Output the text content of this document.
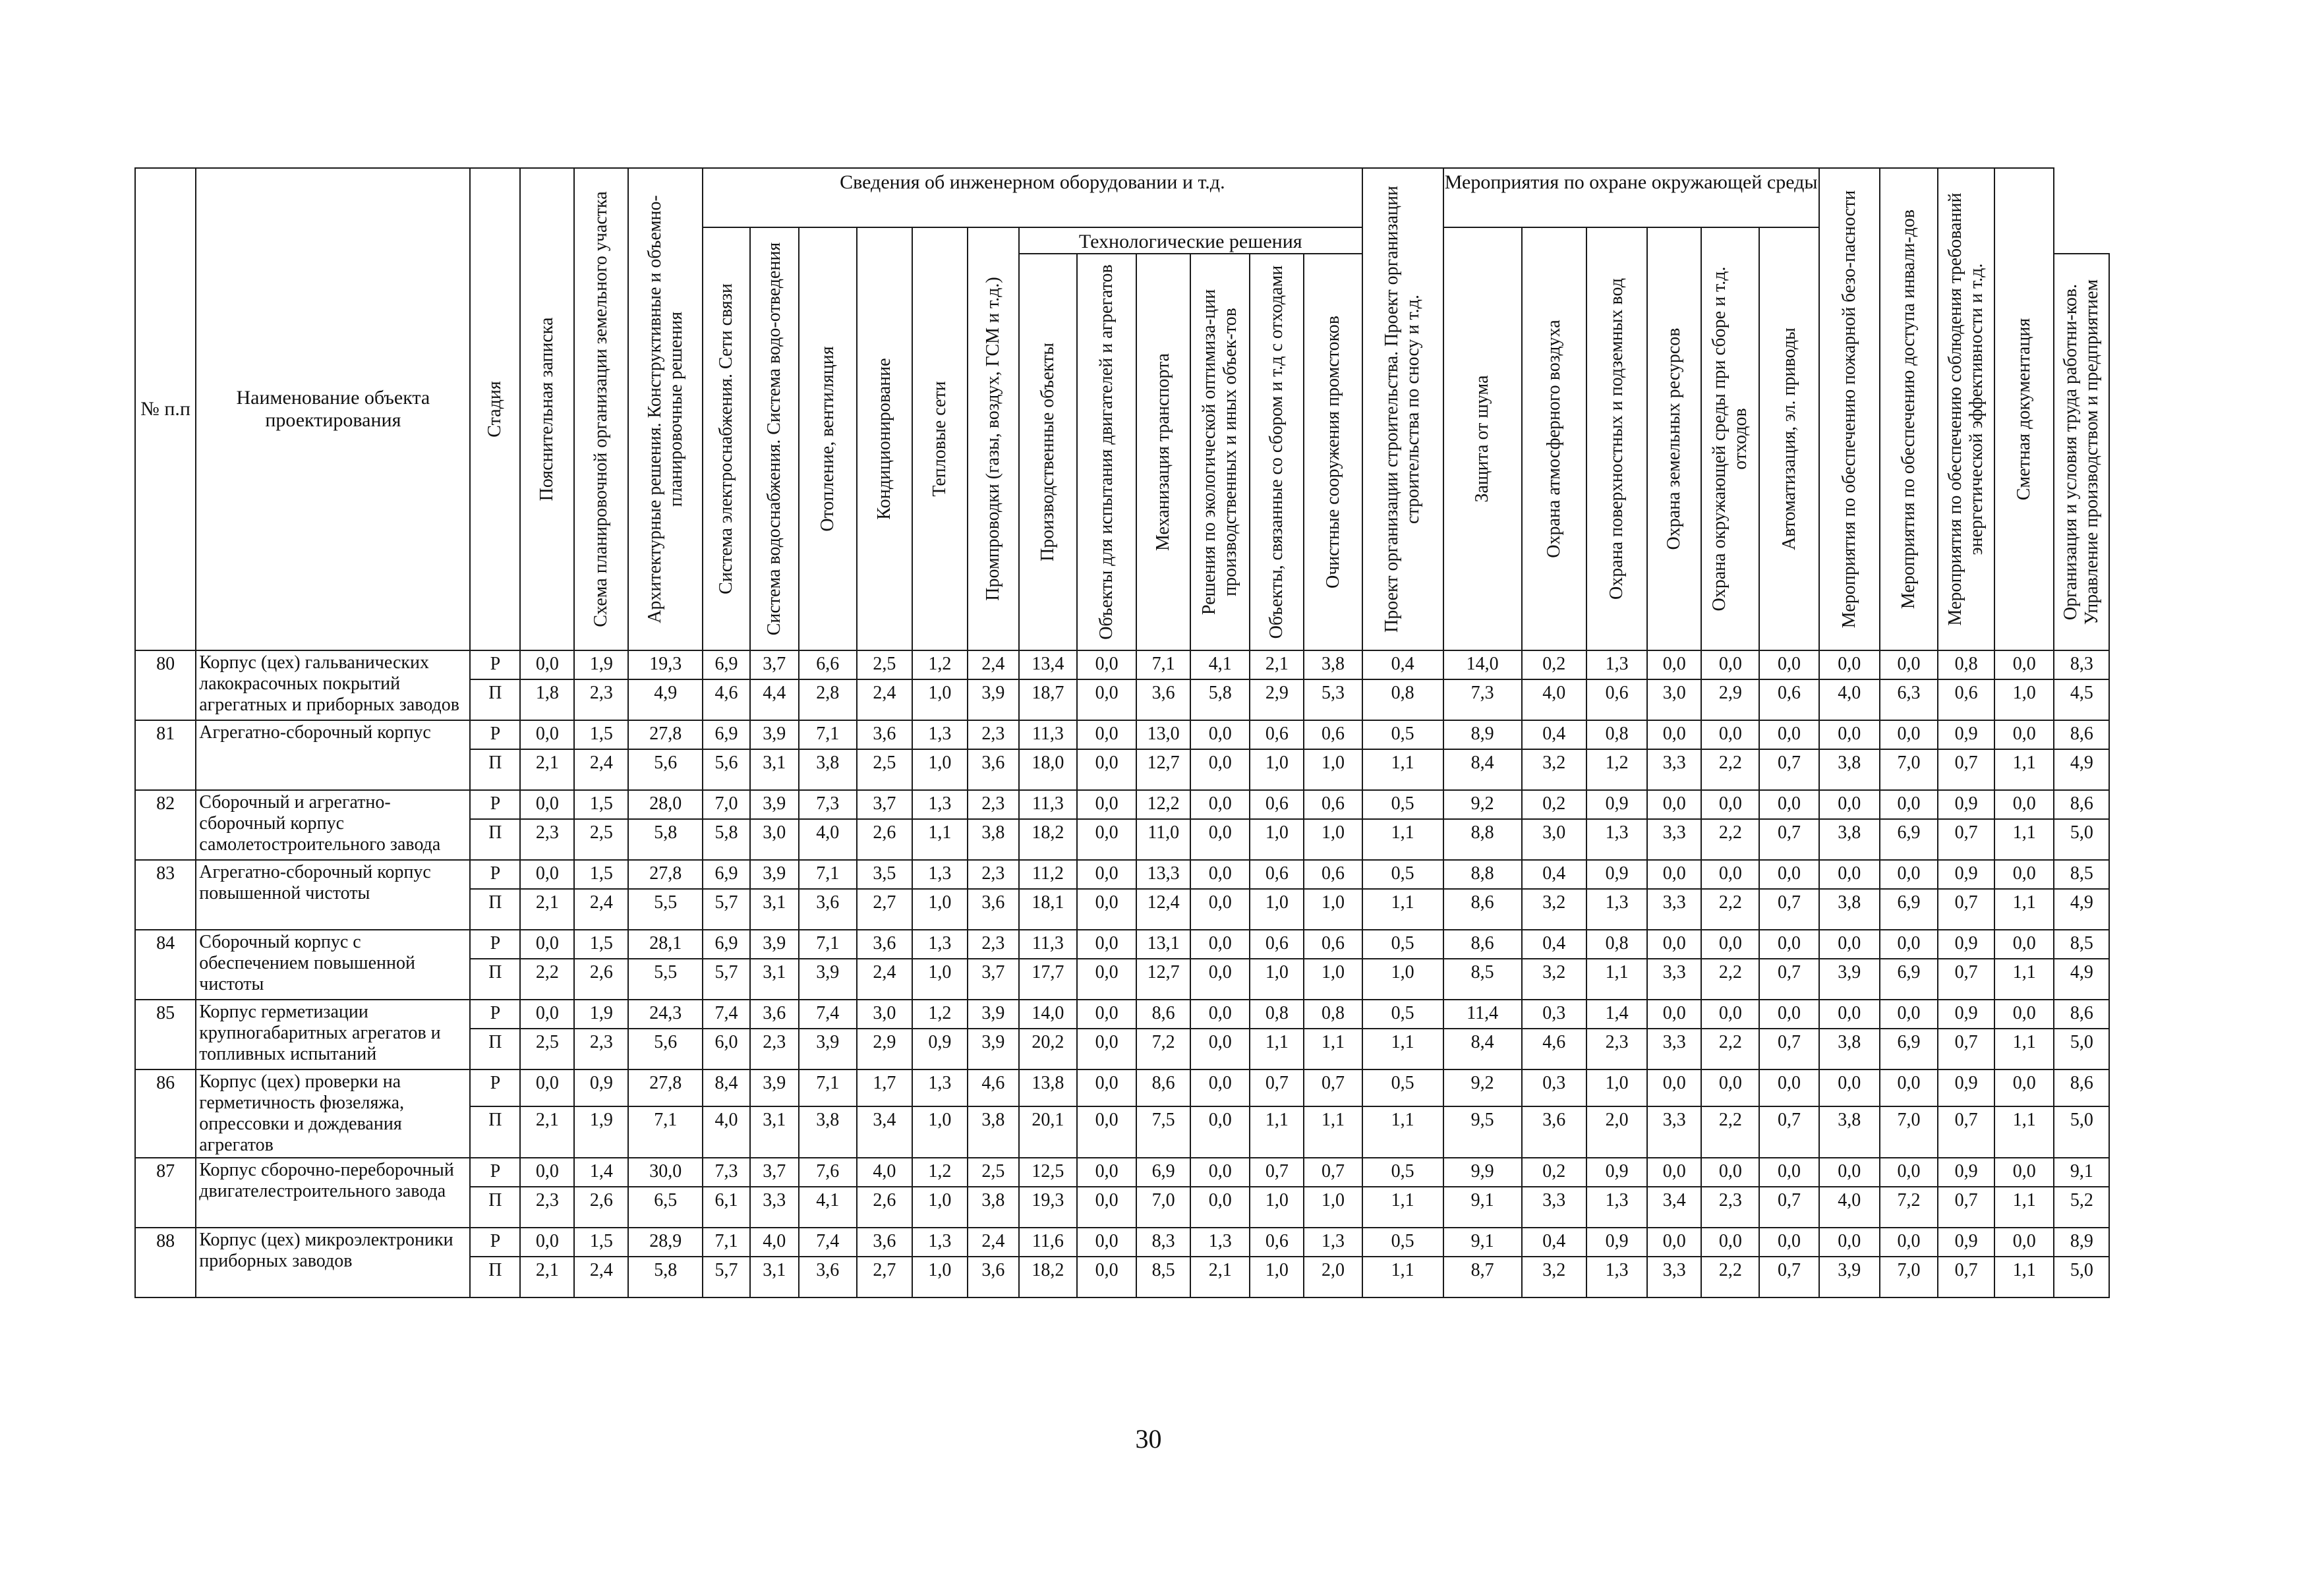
№ п.п	Наименование объекта проектирования	Стадия	Пояснительная записка	Схема планировочной организации земельного участка	Архитектурные решения. Конструктивные и объемно-планировочные решения	Сведения об инженерном оборудовании и т.д.												Проект организации строительства. Проект организации строительства по сносу и т.д.	Мероприятия по охране окружающей среды						Мероприятия по обеспечению пожарной безо-пасности	Мероприятия по обеспечению доступа инвали-дов	Мероприятия по обеспечению соблюдения требований энергетической эффективности и т.д.	Сметная документация	

						Система электроснабжения. Сети связи	Система водоснабжения. Система водо-отведения	Отопление, вентиляция	Кондиционирование	Тепловые сети	Промпроводки (газы, воздух, ГСМ и т.д.)	Технологические решения							Защита от шума	Охрана атмосферного воздуха	Охрана поверхностных и подземных вод	Охрана земельных ресурсов	Охрана окружающей среды при сборе и т.д. отходов	Автоматизация, эл. приводы					

												Производственные объекты	Объекты для испытания двигателей и агрегатов	Механизация транспорта	Решения по экологической оптимиза-ции производственных и иных объек-тов	Объекты, связанные со сбором и т.д с отходами	Очистные сооружения промстоков												Организация и условия труда работни-ков. Управление производством и предприятием

80	Корпус (цех) гальванических лакокрасочных покрытий агрегатных и приборных заводов	Р	0,0	1,9	19,3	6,9	3,7	6,6	2,5	1,2	2,4	13,4	0,0	7,1	4,1	2,1	3,8	0,4	14,0	0,2	1,3	0,0	0,0	0,0	0,0	0,0	0,8	0,0	8,3
		П	1,8	2,3	4,9	4,6	4,4	2,8	2,4	1,0	3,9	18,7	0,0	3,6	5,8	2,9	5,3	0,8	7,3	4,0	0,6	3,0	2,9	0,6	4,0	6,3	0,6	1,0	4,5
81	Агрегатно-сборочный корпус	Р	0,0	1,5	27,8	6,9	3,9	7,1	3,6	1,3	2,3	11,3	0,0	13,0	0,0	0,6	0,6	0,5	8,9	0,4	0,8	0,0	0,0	0,0	0,0	0,0	0,9	0,0	8,6
		П	2,1	2,4	5,6	5,6	3,1	3,8	2,5	1,0	3,6	18,0	0,0	12,7	0,0	1,0	1,0	1,1	8,4	3,2	1,2	3,3	2,2	0,7	3,8	7,0	0,7	1,1	4,9
82	Сборочный и агрегатно-сборочный корпус самолетостроительного завода	Р	0,0	1,5	28,0	7,0	3,9	7,3	3,7	1,3	2,3	11,3	0,0	12,2	0,0	0,6	0,6	0,5	9,2	0,2	0,9	0,0	0,0	0,0	0,0	0,0	0,9	0,0	8,6
		П	2,3	2,5	5,8	5,8	3,0	4,0	2,6	1,1	3,8	18,2	0,0	11,0	0,0	1,0	1,0	1,1	8,8	3,0	1,3	3,3	2,2	0,7	3,8	6,9	0,7	1,1	5,0
83	Агрегатно-сборочный корпус повышенной чистоты	Р	0,0	1,5	27,8	6,9	3,9	7,1	3,5	1,3	2,3	11,2	0,0	13,3	0,0	0,6	0,6	0,5	8,8	0,4	0,9	0,0	0,0	0,0	0,0	0,0	0,9	0,0	8,5
		П	2,1	2,4	5,5	5,7	3,1	3,6	2,7	1,0	3,6	18,1	0,0	12,4	0,0	1,0	1,0	1,1	8,6	3,2	1,3	3,3	2,2	0,7	3,8	6,9	0,7	1,1	4,9
84	Сборочный корпус с обеспечением повышенной чистоты	Р	0,0	1,5	28,1	6,9	3,9	7,1	3,6	1,3	2,3	11,3	0,0	13,1	0,0	0,6	0,6	0,5	8,6	0,4	0,8	0,0	0,0	0,0	0,0	0,0	0,9	0,0	8,5
		П	2,2	2,6	5,5	5,7	3,1	3,9	2,4	1,0	3,7	17,7	0,0	12,7	0,0	1,0	1,0	1,0	8,5	3,2	1,1	3,3	2,2	0,7	3,9	6,9	0,7	1,1	4,9
85	Корпус герметизации крупногабаритных агрегатов и топливных испытаний	Р	0,0	1,9	24,3	7,4	3,6	7,4	3,0	1,2	3,9	14,0	0,0	8,6	0,0	0,8	0,8	0,5	11,4	0,3	1,4	0,0	0,0	0,0	0,0	0,0	0,9	0,0	8,6
		П	2,5	2,3	5,6	6,0	2,3	3,9	2,9	0,9	3,9	20,2	0,0	7,2	0,0	1,1	1,1	1,1	8,4	4,6	2,3	3,3	2,2	0,7	3,8	6,9	0,7	1,1	5,0
86	Корпус (цех) проверки на герметичность фюзеляжа, опрессовки и дождевания агрегатов	Р	0,0	0,9	27,8	8,4	3,9	7,1	1,7	1,3	4,6	13,8	0,0	8,6	0,0	0,7	0,7	0,5	9,2	0,3	1,0	0,0	0,0	0,0	0,0	0,0	0,9	0,0	8,6
		П	2,1	1,9	7,1	4,0	3,1	3,8	3,4	1,0	3,8	20,1	0,0	7,5	0,0	1,1	1,1	1,1	9,5	3,6	2,0	3,3	2,2	0,7	3,8	7,0	0,7	1,1	5,0
87	Корпус сборочно-переборочный двигателестроительного завода	Р	0,0	1,4	30,0	7,3	3,7	7,6	4,0	1,2	2,5	12,5	0,0	6,9	0,0	0,7	0,7	0,5	9,9	0,2	0,9	0,0	0,0	0,0	0,0	0,0	0,9	0,0	9,1
		П	2,3	2,6	6,5	6,1	3,3	4,1	2,6	1,0	3,8	19,3	0,0	7,0	0,0	1,0	1,0	1,1	9,1	3,3	1,3	3,4	2,3	0,7	4,0	7,2	0,7	1,1	5,2
88	Корпус (цех) микроэлектроники приборных заводов	Р	0,0	1,5	28,9	7,1	4,0	7,4	3,6	1,3	2,4	11,6	0,0	8,3	1,3	0,6	1,3	0,5	9,1	0,4	0,9	0,0	0,0	0,0	0,0	0,0	0,9	0,0	8,9
		П	2,1	2,4	5,8	5,7	3,1	3,6	2,7	1,0	3,6	18,2	0,0	8,5	2,1	1,0	2,0	1,1	8,7	3,2	1,3	3,3	2,2	0,7	3,9	7,0	0,7	1,1	5,0
30
